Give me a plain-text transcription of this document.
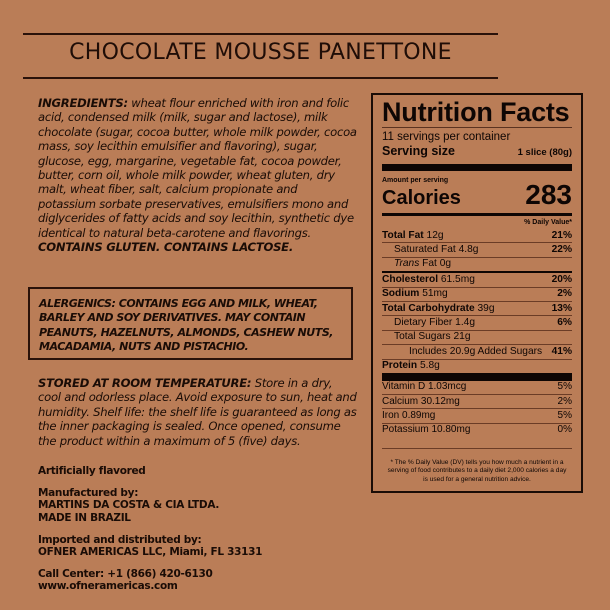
CHOCOLATE MOUSSE PANETTONE
INGREDIENTS: wheat flour enriched with iron and folic acid, condensed milk (milk, sugar and lactose), milk chocolate (sugar, cocoa butter, whole milk powder, cocoa mass, soy lecithin emulsifier and flavoring), sugar, glucose, egg, margarine, vegetable fat, cocoa powder, butter, corn oil, whole milk powder, wheat gluten, dry malt, wheat fiber, salt, calcium propionate and potassium sorbate preservatives, emulsifiers mono and diglycerides of fatty acids and soy lecithin, synthetic dye identical to natural beta-carotene and flavorings.
CONTAINS GLUTEN. CONTAINS LACTOSE.
ALERGENICS: CONTAINS EGG AND MILK, WHEAT, BARLEY AND SOY DERIVATIVES. MAY CONTAIN PEANUTS, HAZELNUTS, ALMONDS, CASHEW NUTS, MACADAMIA, NUTS AND PISTACHIO.
STORED AT ROOM TEMPERATURE: Store in a dry, cool and odorless place. Avoid exposure to sun, heat and humidity. Shelf life: the shelf life is guaranteed as long as the inner packaging is sealed. Once opened, consume the product within a maximum of 5 (five) days.

Artificially flavored

Manufactured by:
MARTINS DA COSTA & CIA LTDA.
MADE IN BRAZIL

Imported and distributed by:
OFNER AMERICAS LLC, Miami, FL 33131

Call Center: +1 (866) 420-6130
www.ofneramericas.com

Nutrition Facts
11 servings per container
Serving size	1 slice (80g)
Amount per serving
Calories 283
% Daily Value*
Total Fat 12g	21%
Saturated Fat 4.8g	22%
Trans Fat 0g
Cholesterol 61.5mg	20%
Sodium 51mg	2%
Total Carbohydrate 39g	13%
Dietary Fiber 1.4g	6%
Total Sugars 21g
Includes 20.9g Added Sugars 41%
Protein 5.8g
Vitamin D 1.03mcg	5%
Calcium 30.12mg	2%
Iron 0.89mg	5%
Potassium 10.80mg	0%
* The % Daily Value (DV) tells you how much a nutrient in a serving of food contributes to a daily diet 2,000 calories a day is used for a general nutrition advice.
